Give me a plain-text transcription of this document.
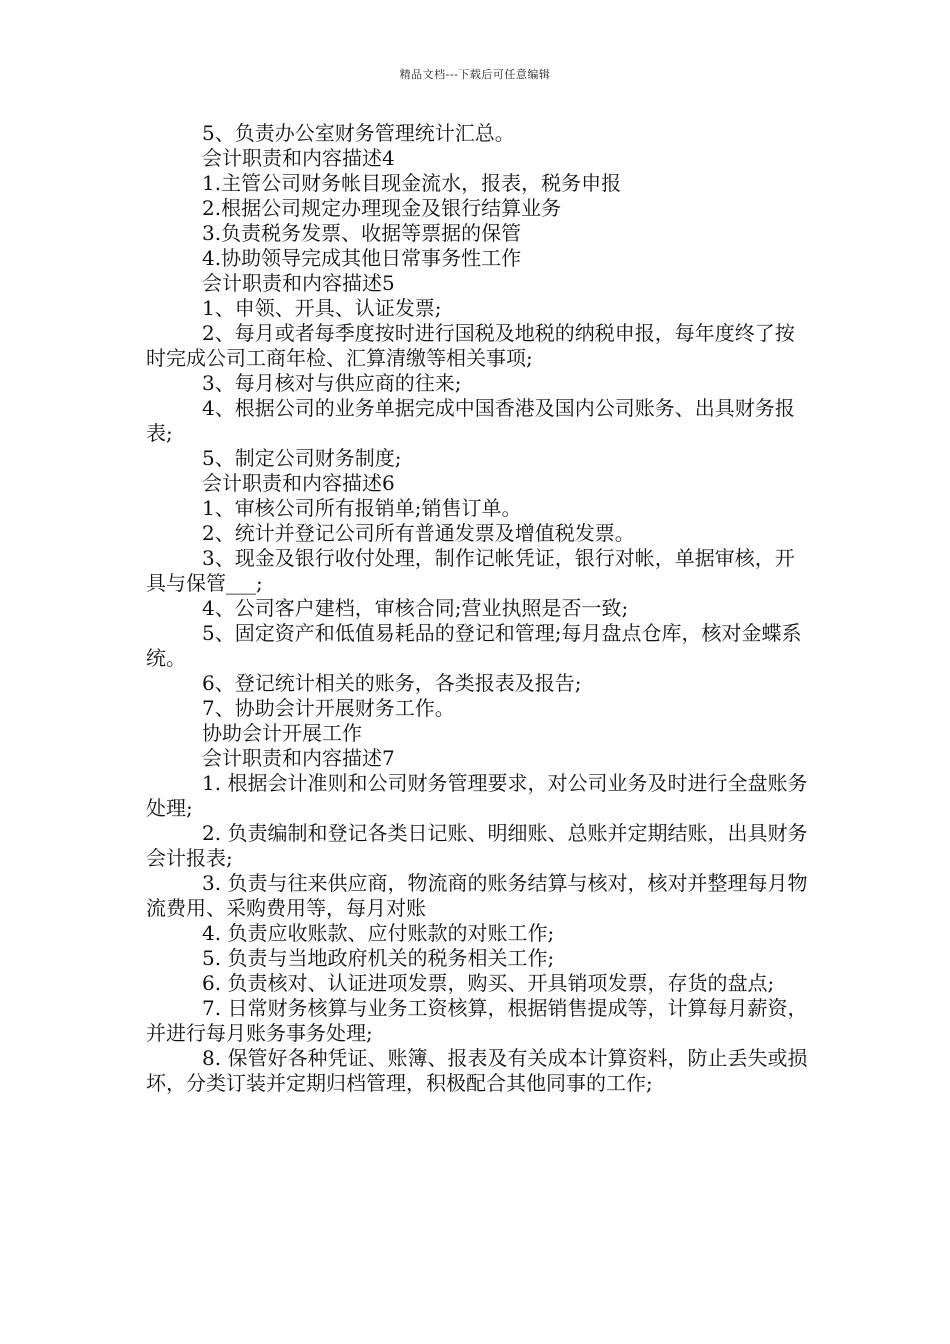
精品文档---下载后可任意编辑

5、负责办公室财务管理统计汇总。

会计职责和内容描述4

1.主管公司财务帐目现金流水，报表，税务申报

2.根据公司规定办理现金及银行结算业务

3.负责税务发票、收据等票据的保管

4.协助领导完成其他日常事务性工作

会计职责和内容描述5

1、申领、开具、认证发票;

2、每月或者每季度按时进行国税及地税的纳税申报，每年度终了按时完成公司工商年检、汇算清缴等相关事项;

3、每月核对与供应商的往来;

4、根据公司的业务单据完成中国香港及国内公司账务、出具财务报表;

5、制定公司财务制度;

会计职责和内容描述6

1、审核公司所有报销单;销售订单。

2、统计并登记公司所有普通发票及增值税发票。

3、现金及银行收付处理，制作记帐凭证，银行对帐，单据审核，开具与保管___;

4、公司客户建档，审核合同;营业执照是否一致;

5、固定资产和低值易耗品的登记和管理;每月盘点仓库，核对金蝶系统。

6、登记统计相关的账务，各类报表及报告;

7、协助会计开展财务工作。

协助会计开展工作

会计职责和内容描述7

1. 根据会计准则和公司财务管理要求，对公司业务及时进行全盘账务处理;

2. 负责编制和登记各类日记账、明细账、总账并定期结账，出具财务会计报表;

3. 负责与往来供应商，物流商的账务结算与核对，核对并整理每月物流费用、采购费用等，每月对账

4. 负责应收账款、应付账款的对账工作;

5. 负责与当地政府机关的税务相关工作;

6. 负责核对、认证进项发票，购买、开具销项发票，存货的盘点;

7. 日常财务核算与业务工资核算，根据销售提成等，计算每月薪资，并进行每月账务事务处理;

8. 保管好各种凭证、账簿、报表及有关成本计算资料，防止丢失或损坏，分类订装并定期归档管理，积极配合其他同事的工作;
